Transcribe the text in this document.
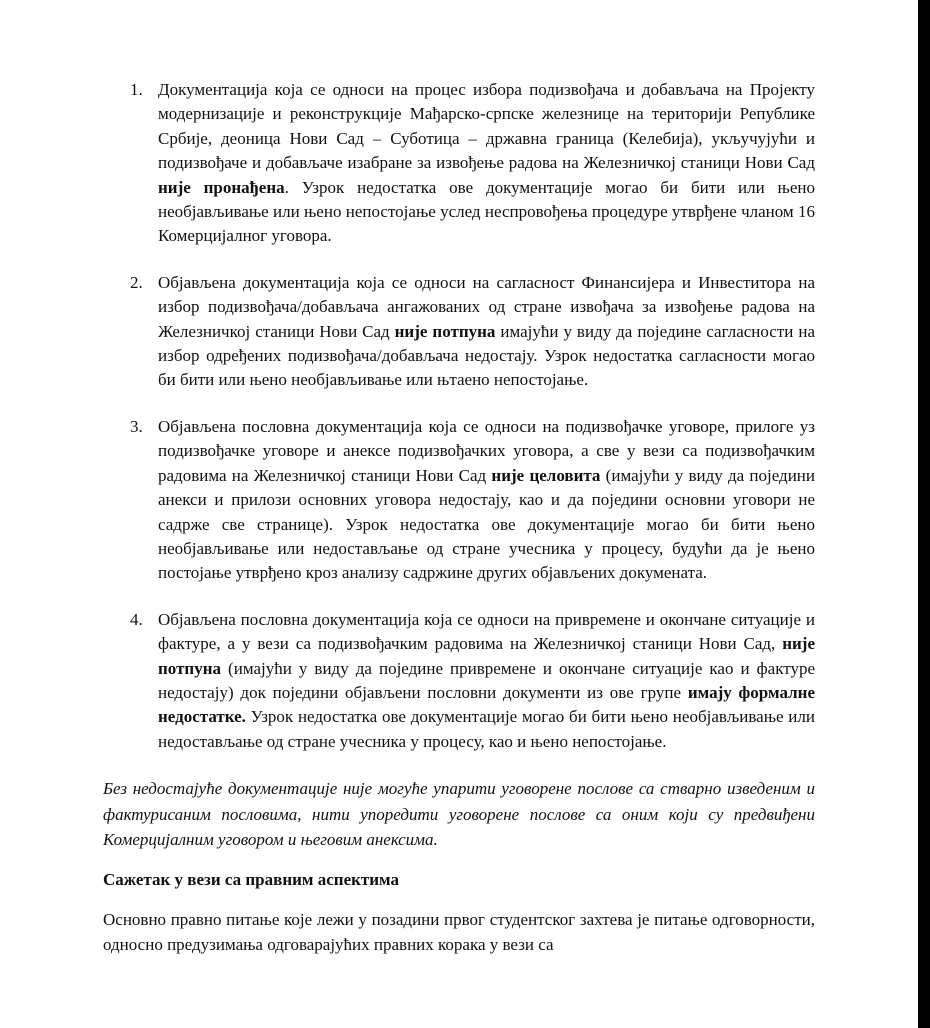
1. Документација која се односи на процес избора подизвођача и добављача на Пројекту модернизације и реконструкције Мађарско-српске железнице на територији Републике Србије, деоница Нови Сад – Суботица – државна граница (Келебија), укључујући и подизвођаче и добављаче изабране за извођење радова на Железничкој станици Нови Сад није пронађена. Узрок недостатка ове документације могао би бити или њено необјављивање или њено непостојање услед неспровођења процедуре утврђене чланом 16 Комерцијалног уговора.

2. Објављена документација која се односи на сагласност Финансијера и Инвеститора на избор подизвођача/добављача ангажованих од стране извођача за извођење радова на Железничкој станици Нови Сад није потпуна имајући у виду да поједине сагласности на избор одређених подизвођача/добављача недостају. Узрок недостатка сагласности могао би бити или њено необјављивање или њтаено непостојање.

3. Објављена пословна документација која се односи на подизвођачке уговоре, прилоге уз подизвођачке уговоре и анексе подизвођачких уговора, а све у вези са подизвођачким радовима на Железничкој станици Нови Сад није целовита (имајући у виду да поједини анекси и прилози основних уговора недостају, као и да поједини основни уговори не садрже све странице). Узрок недостатка ове документације могао би бити њено необјављивање или недостављање од стране учесника у процесу, будући да је њено постојање утврђено кроз анализу садржине других објављених докумената.

4. Објављена пословна документација која се односи на привремене и окончане ситуације и фактуре, а у вези са подизвођачким радовима на Железничкој станици Нови Сад, није потпуна (имајући у виду да поједине привремене и окончане ситуације као и фактуре недостају) док поједини објављени пословни документи из ове групе имају формалне недостатке. Узрок недостатка ове документације могао би бити њено необјављивање или недостављање од стране учесника у процесу, као и њено непостојање.

Без недостајуће документације није могуће упарити уговорене послове са стварно изведеним и фактурисаним пословима, нити упоредити уговорене послове са оним који су предвиђени Комерцијалним уговором и његовим анексима.

Сажетак у вези са правним аспектима

Основно правно питање које лежи у позадини првог студентског захтева је питање одговорности, односно предузимања одговарајућих правних корака у вези са
